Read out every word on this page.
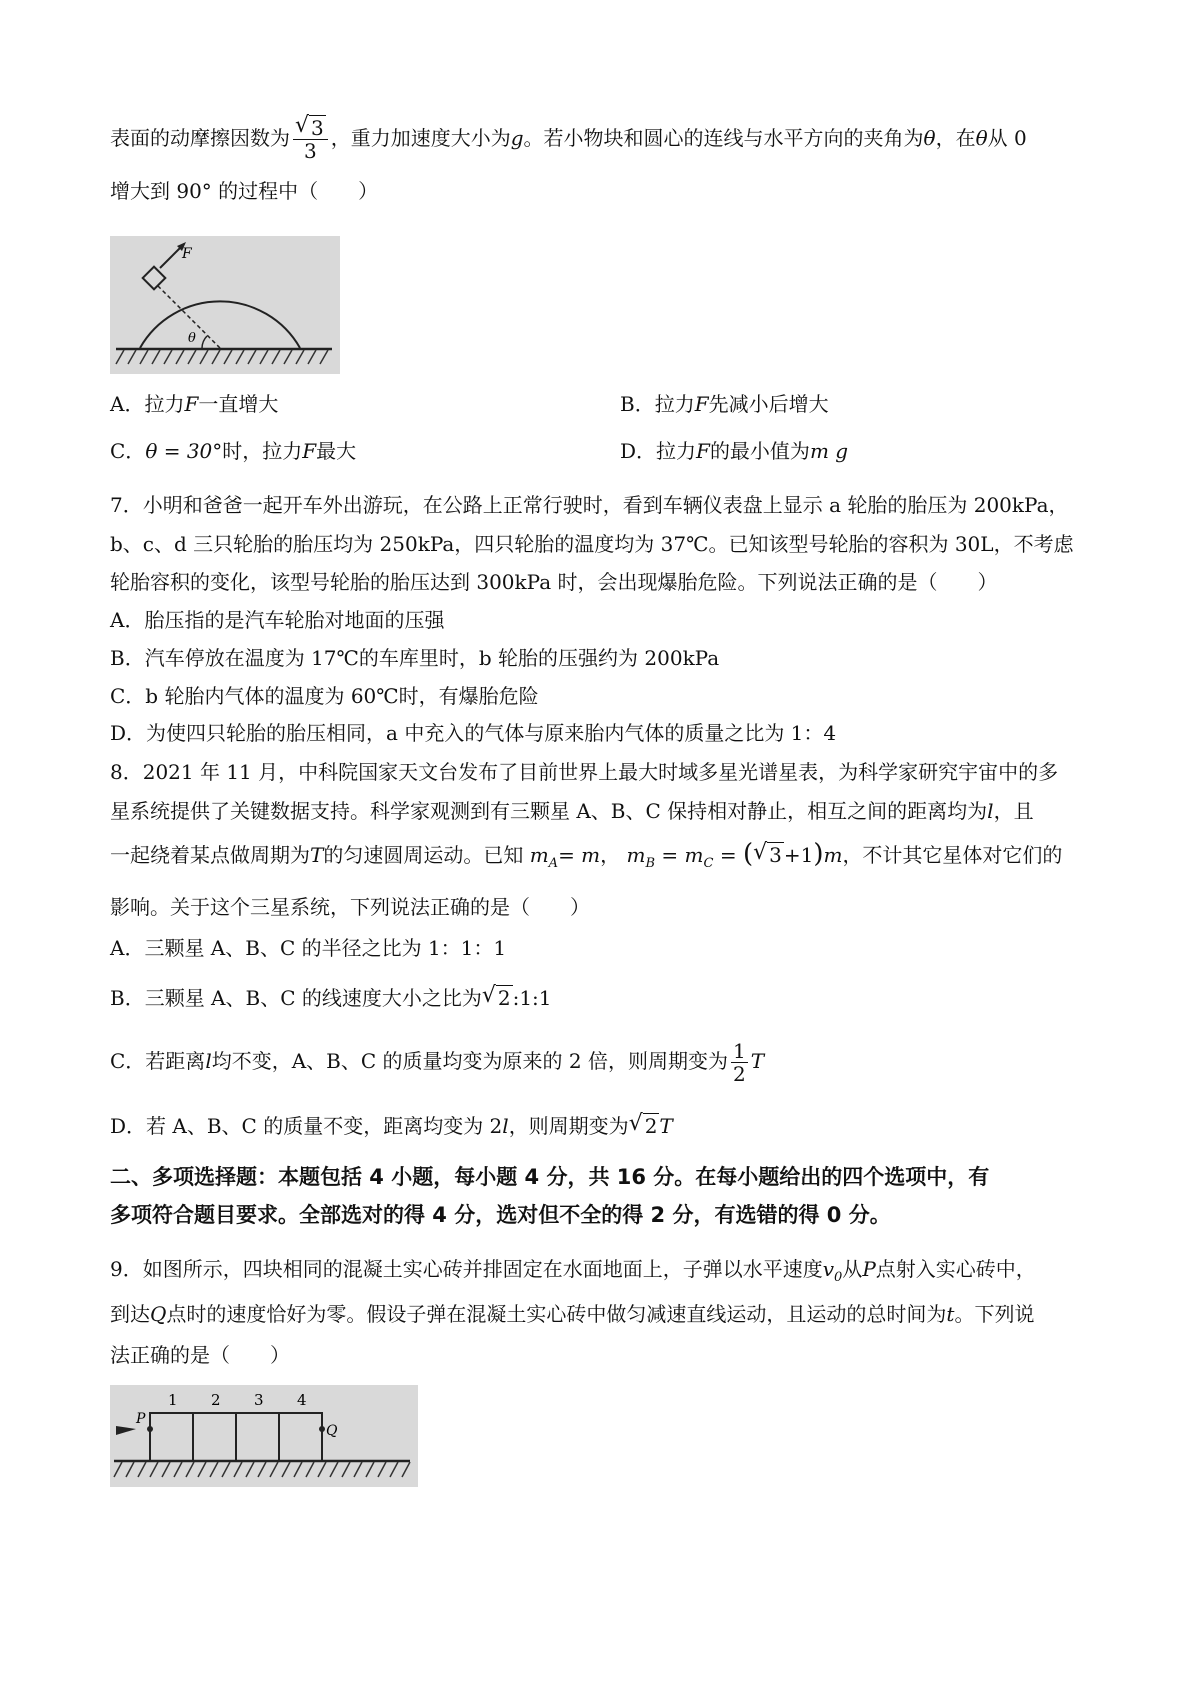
表面的动摩擦因数为 $\frac{√ 3}{3}$ ，重力加速度大小为g。若小物块和圆心的连线与水平方向的夹角为θ，在θ从 0
增大到 90° 的过程中（　　）
F
θ
A．拉力F一直增大	B．拉力F先减小后增大
C．θ = 30°时，拉力F最大	D．拉力F的最小值为m g
7．小明和爸爸一起开车外出游玩，在公路上正常行驶时，看到车辆仪表盘上显示 a 轮胎的胎压为 200kPa，
b、c、d 三只轮胎的胎压均为 250kPa，四只轮胎的温度均为 37℃。已知该型号轮胎的容积为 30L，不考虑
轮胎容积的变化，该型号轮胎的胎压达到 300kPa 时，会出现爆胎危险。下列说法正确的是（　　）
A．胎压指的是汽车轮胎对地面的压强
B．汽车停放在温度为 17℃的车库里时，b 轮胎的压强约为 200kPa
C．b 轮胎内气体的温度为 60℃时，有爆胎危险
D．为使四只轮胎的胎压相同，a 中充入的气体与原来胎内气体的质量之比为 1：4
8．2021 年 11 月，中科院国家天文台发布了目前世界上最大时域多星光谱星表，为科学家研究宇宙中的多
星系统提供了关键数据支持。科学家观测到有三颗星 A、B、C 保持相对静止，相互之间的距离均为l，且
一起绕着某点做周期为T的匀速圆周运动。已知 $m_A= m$， $m_B = m_C$ = ( √ 3 +1)m，不计其它星体对它们的
影响。关于这个三星系统，下列说法正确的是（　　）
A．三颗星 A、B、C 的半径之比为 1：1：1
B．三颗星 A、B、C 的线速度大小之比为 √ 2 :1:1
C．若距离l均不变，A、B、C 的质量均变为原来的 2 倍，则周期变为 $\frac{1}{2}$ T
D．若 A、B、C 的质量不变，距离均变为 2l，则周期变为 √ 2 T
二、多项选择题：本题包括 4 小题，每小题 4 分，共 16 分。在每小题给出的四个选项中，有
多项符合题目要求。全部选对的得 4 分，选对但不全的得 2 分，有选错的得 0 分。
9．如图所示，四块相同的混凝土实心砖并排固定在水面地面上，子弹以水平速度$v_0$从P点射入实心砖中，
到达Q点时的速度恰好为零。假设子弹在混凝土实心砖中做匀减速直线运动，且运动的总时间为t。下列说
法正确的是（　　）
1 2 3 4
P
Q
